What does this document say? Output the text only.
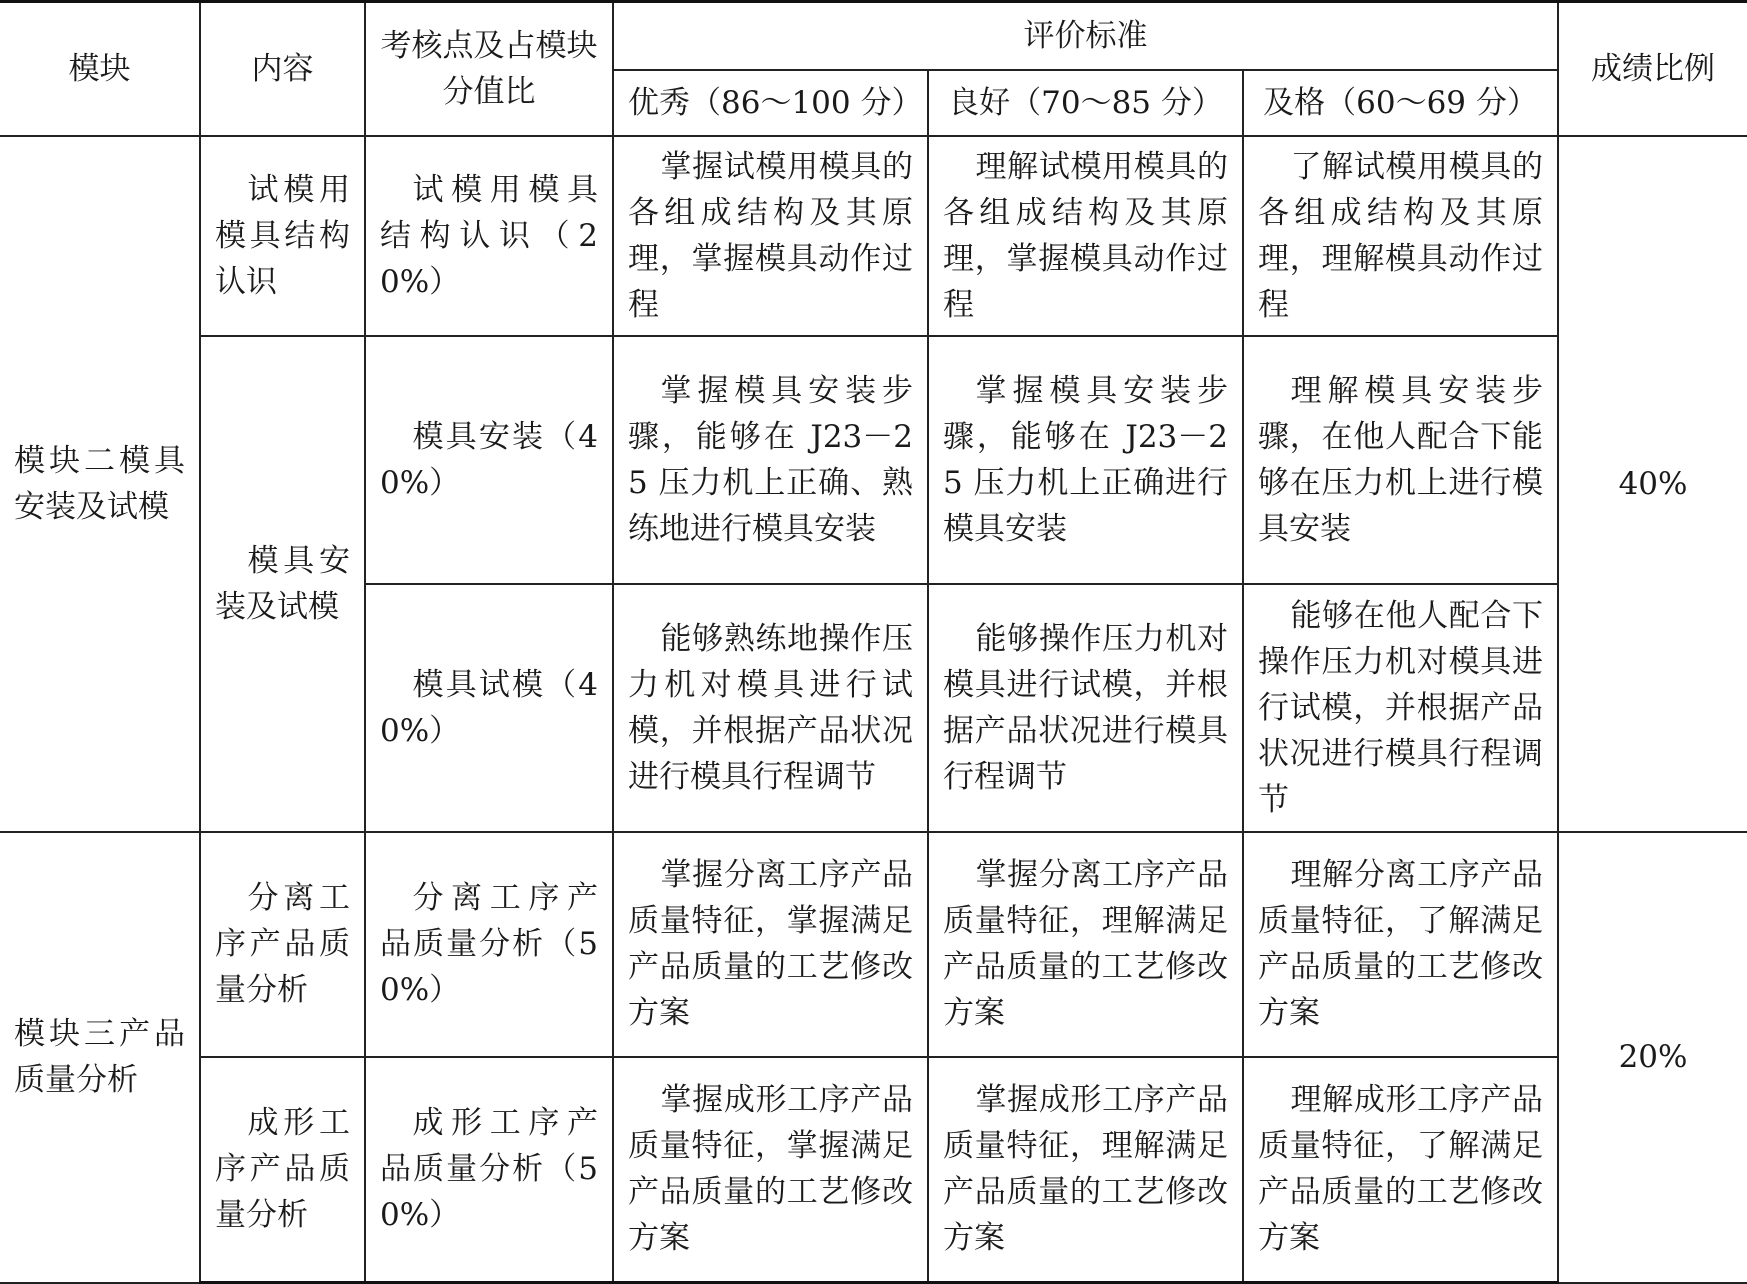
模块	内容	考核点及占模块分值比	评价标准			成绩比例
			优秀（86～100 分）	良好（70～85 分）	及格（60～69 分）	
模块二模具安装及试模	试模用模具结构认识	试模用模具结构认识（20%）	掌握试模用模具的各组成结构及其原理，掌握模具动作过程	理解试模用模具的各组成结构及其原理，掌握模具动作过程	了解试模用模具的各组成结构及其原理，理解模具动作过程	40%
	模具安装及试模	模具安装（40%）	掌握模具安装步骤，能够在 J23－25 压力机上正确、熟练地进行模具安装	掌握模具安装步骤，能够在 J23－25 压力机上正确进行模具安装	理解模具安装步骤，在他人配合下能够在压力机上进行模具安装	
		模具试模（40%）	能够熟练地操作压力机对模具进行试模，并根据产品状况进行模具行程调节	能够操作压力机对模具进行试模，并根据产品状况进行模具行程调节	能够在他人配合下操作压力机对模具进行试模，并根据产品状况进行模具行程调节	
模块三产品质量分析	分离工序产品质量分析	分离工序产品质量分析（50%）	掌握分离工序产品质量特征，掌握满足产品质量的工艺修改方案	掌握分离工序产品质量特征，理解满足产品质量的工艺修改方案	理解分离工序产品质量特征，了解满足产品质量的工艺修改方案	20%
	成形工序产品质量分析	成形工序产品质量分析（50%）	掌握成形工序产品质量特征，掌握满足产品质量的工艺修改方案	掌握成形工序产品质量特征，理解满足产品质量的工艺修改方案	理解成形工序产品质量特征，了解满足产品质量的工艺修改方案	
